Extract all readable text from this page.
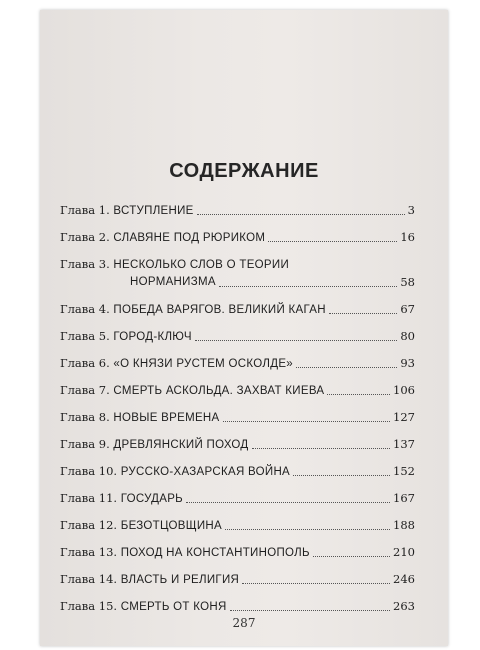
СОДЕРЖАНИЕ
Глава 1. ВСТУПЛЕНИЕ	3
Глава 2. СЛАВЯНЕ ПОД РЮРИКОМ	16
Глава 3. НЕСКОЛЬКО СЛОВ О ТЕОРИИ
НОРМАНИЗМА	58
Глава 4. ПОБЕДА ВАРЯГОВ. ВЕЛИКИЙ КАГАН	67
Глава 5. ГОРОД-КЛЮЧ	80
Глава 6. «О КНЯЗИ РУСТЕМ ОСКОЛДЕ»	93
Глава 7. СМЕРТЬ АСКОЛЬДА. ЗАХВАТ КИЕВА	106
Глава 8. НОВЫЕ ВРЕМЕНА	127
Глава 9. ДРЕВЛЯНСКИЙ ПОХОД	137
Глава 10. РУССКО-ХАЗАРСКАЯ ВОЙНА	152
Глава 11. ГОСУДАРЬ	167
Глава 12. БЕЗОТЦОВЩИНА	188
Глава 13. ПОХОД НА КОНСТАНТИНОПОЛЬ	210
Глава 14. ВЛАСТЬ И РЕЛИГИЯ	246
Глава 15. СМЕРТЬ ОТ КОНЯ	263
287
